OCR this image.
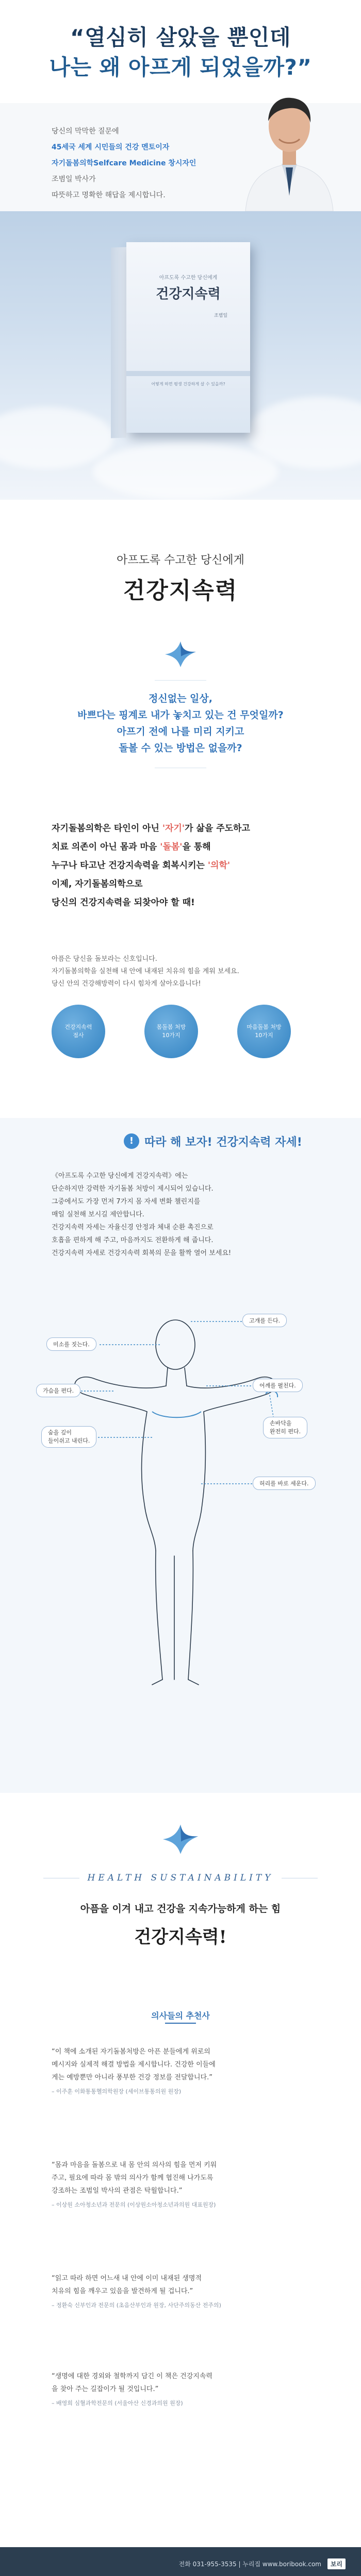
“열심히 살았을 뿐인데
나는 왜 아프게 되었을까?”
당신의 막막한 질문에
45세국 세계 시민들의 건강 멘토이자
자기돌봄의학Selfcare Medicine 창시자인
조범일 박사가
따뜻하고 명확한 해답을 제시합니다.
아프도록 수고한 당신에게
건강지속력
조범일
어떻게 하면 평생 건강하게 살 수 있을까?
아프도록 수고한 당신에게
건강지속력
정신없는 일상,
바쁘다는 핑계로 내가 놓치고 있는 건 무엇일까?
아프기 전에 나를 미리 지키고
돌볼 수 있는 방법은 없을까?
자기돌봄의학은 타인이 아닌 '자기'가 삶을 주도하고
치료 의존이 아닌 몸과 마음 '돌봄'을 통해
누구나 타고난 건강지속력을 회복시키는 '의학'
이제, 자기돌봄의학으로
당신의 건강지속력을 되찾아야 할 때!
아픔은 당신을 돌보라는 신호입니다.
자기돌봄의학을 실천해 내 안에 내재된 치유의 힘을 계워 보세요.
당신 안의 건강해방력이 다시 힘차게 살아오릅니다!
건강지속력
점사
몸돌봄 처방
10가지
마음돌봄 처방
10가지
! 따라 해 보자! 건강지속력 자세!
《아프도록 수고한 당신에게 건강지속력》에는
단순하지만 강력한 자기돌봄 처방이 제시되어 있습니다.
그중에서도 가장 먼저 7가지 몸 자세 변화 챌린지를
매일 실천해 보시길 제안합니다.
건강지속력 자세는 자율신경 안정과 체내 순환 촉진으로
호흡을 편하게 해 주고, 마음까지도 전환하게 해 줍니다.
건강지속력 자세로 건강지속력 회복의 문을 활짝 열어 보세요!
미소를 짓는다.
가슴을 편다.
숨을 깊이
들이쉬고 내린다.
고개를 든다.
어깨를 펼친다.
손바닥을
완전히 편다.
허리를 바로 세운다.
HEALTH SUSTAINABILITY
아픔을 이겨 내고 건강을 지속가능하게 하는 힘
건강지속력!
의사들의 추천사
“이 책에 소개된 자기돌봄처방은 아픈 분들에게 위로의
메시지와 실제적 해결 방법을 제시합니다. 건강한 이들에
게는 예방뿐만 아니라 풍부한 건강 정보를 전달합니다.”
– 이주훈 이화통통헬의학원장 (세이브통통의원 원장)
“몸과 마음을 돌봄으로 내 몸 안의 의사의 힘을 먼저 키워
주고, 필요에 따라 몸 밖의 의사가 함께 협진해 나가도록
강조하는 조범일 박사의 관점은 탁월합니다.”
– 이상원 소아청소년과 전문의 (이상원소아청소년과의원 대표원장)
“읽고 따라 하면 어느새 내 안에 이미 내재된 생명적
치유의 힘을 깨우고 있음을 발견하게 될 겁니다.”
– 정환숙 신부인과 전문의 (초음산부인과 원장, 사단주의동산 전주의)
“생명에 대한 경외와 철학까지 담긴 이 책은 건강지속력
을 찾아 주는 길잡이가 될 것입니다.”
– 배영희 심혈과학전문의 (서울아산 신경과의원 원장)
전화 031-955-3535 | 누리집 www.boribook.com 보리
